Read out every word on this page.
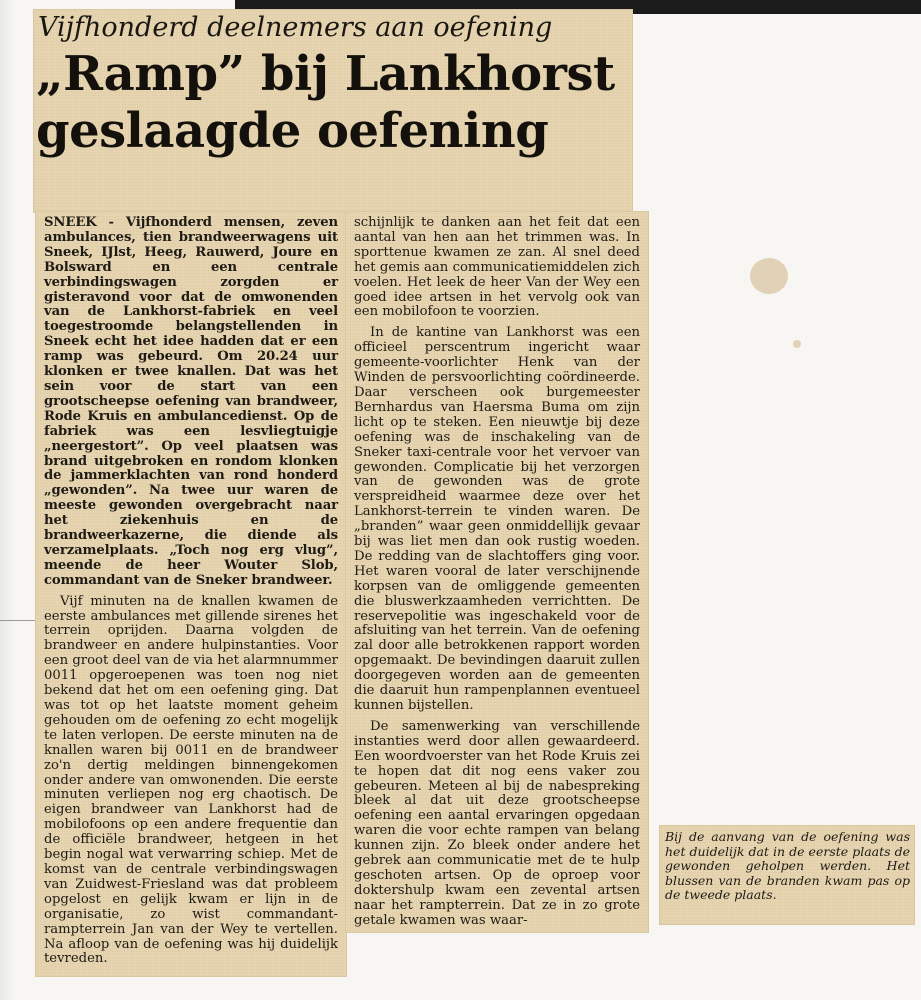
Vijfhonderd deelnemers aan oefening
„Ramp” bij Lankhorst
geslaagde oefening

SNEEK - Vijfhonderd mensen, zeven ambulances, tien brandweerwagens uit Sneek, IJlst, Heeg, Rauwerd, Joure en Bolsward en een centrale verbindingswagen zorgden er gisteravond voor dat de omwonenden van de Lankhorst-fabriek en veel toegestroomde belangstellenden in Sneek echt het idee hadden dat er een ramp was gebeurd. Om 20.24 uur klonken er twee knallen. Dat was het sein voor de start van een grootscheepse oefening van brandweer, Rode Kruis en ambulancedienst. Op de fabriek was een lesvliegtuigje „neergestort”. Op veel plaatsen was brand uitgebroken en rondom klonken de jammerklachten van rond honderd „gewonden”. Na twee uur waren de meeste gewonden overgebracht naar het ziekenhuis en de brandweerkazerne, die diende als verzamelplaats. „Toch nog erg vlug”, meende de heer Wouter Slob, commandant van de Sneker brandweer.

Vijf minuten na de knallen kwamen de eerste ambulances met gillende sirenes het terrein oprijden. Daarna volgden de brandweer en andere hulpinstanties. Voor een groot deel van de via het alarmnummer 0011 opgeroepenen was toen nog niet bekend dat het om een oefening ging. Dat was tot op het laatste moment geheim gehouden om de oefening zo echt mogelijk te laten verlopen. De eerste minuten na de knallen waren bij 0011 en de brandweer zo'n dertig meldingen binnengekomen onder andere van omwonenden. Die eerste minuten verliepen nog erg chaotisch. De eigen brandweer van Lankhorst had de mobilofoons op een andere frequentie dan de officiële brandweer, hetgeen in het begin nogal wat verwarring schiep. Met de komst van de centrale verbindingswagen van Zuidwest-Friesland was dat probleem opgelost en gelijk kwam er lijn in de organisatie, zo wist commandant-rampterrein Jan van der Wey te vertellen. Na afloop van de oefening was hij duidelijk tevreden.

schijnlijk te danken aan het feit dat een aantal van hen aan het trimmen was. In sporttenue kwamen ze zan. Al snel deed het gemis aan communicatiemiddelen zich voelen. Het leek de heer Van der Wey een goed idee artsen in het vervolg ook van een mobilofoon te voorzien.

In de kantine van Lankhorst was een officieel perscentrum ingericht waar gemeente-voorlichter Henk van der Winden de persvoorlichting coördineerde. Daar verscheen ook burgemeester Bernhardus van Haersma Buma om zijn licht op te steken. Een nieuwtje bij deze oefening was de inschakeling van de Sneker taxi-centrale voor het vervoer van gewonden. Complicatie bij het verzorgen van de gewonden was de grote verspreidheid waarmee deze over het Lankhorst-terrein te vinden waren. De „branden” waar geen onmiddellijk gevaar bij was liet men dan ook rustig woeden. De redding van de slachtoffers ging voor. Het waren vooral de later verschijnende korpsen van de omliggende gemeenten die bluswerkzaamheden verrichtten. De reservepolitie was ingeschakeld voor de afsluiting van het terrein. Van de oefening zal door alle betrokkenen rapport worden opgemaakt. De bevindingen daaruit zullen doorgegeven worden aan de gemeenten die daaruit hun rampenplannen eventueel kunnen bijstellen.

De samenwerking van verschillende instanties werd door allen gewaardeerd. Een woordvoerster van het Rode Kruis zei te hopen dat dit nog eens vaker zou gebeuren. Meteen al bij de nabespreking bleek al dat uit deze grootscheepse oefening een aantal ervaringen opgedaan waren die voor echte rampen van belang kunnen zijn. Zo bleek onder andere het gebrek aan communicatie met de te hulp geschoten artsen. Op de oproep voor doktershulp kwam een zevental artsen naar het rampterrein. Dat ze in zo grote getale kwamen was waar-

Bij de aanvang van de oefening was het duidelijk dat in de eerste plaats de gewonden geholpen werden. Het blussen van de branden kwam pas op de tweede plaats.
